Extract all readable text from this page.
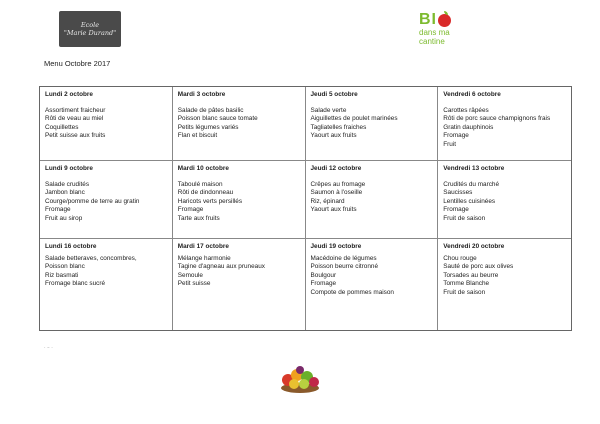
Ecole
"Marie Durand"
BI
dans ma
cantine
Menu Octobre 2017
Lundi 2 octobre
Assortiment fraicheur
Rôti de veau au miel
Coquillettes
Petit suisse aux fruits
Mardi 3 octobre
Salade de pâtes basilic
Poisson blanc sauce tomate
Petits légumes variés
Flan et biscuit
Jeudi 5 octobre
Salade verte
Aiguillettes de poulet marinées
Tagliatelles fraiches
Yaourt aux fruits
Vendredi 6 octobre
Carottes râpées
Rôti de porc sauce champignons frais
Gratin dauphinois
Fromage
Fruit
Lundi 9 octobre
Salade crudités
Jambon blanc
Courge/pomme de terre au gratin
Fromage
Fruit au sirop
Mardi 10 octobre
Taboulé maison
Rôti de dindonneau
Haricots verts persillés
Fromage
Tarte aux fruits
Jeudi 12 octobre
Crêpes au fromage
Saumon à l'oseille
Riz, épinard
Yaourt aux fruits
Vendredi 13 octobre
Crudités du marché
Saucisses
Lentilles cuisinées
Fromage
Fruit de saison
Lundi 16 octobre
Salade betteraves, concombres,
Poisson blanc
Riz basmati
Fromage blanc sucré
Mardi 17 octobre
Mélange harmonie
Tagine d'agneau aux pruneaux
Semoule
Petit suisse
Jeudi 19 octobre
Macédoine de légumes
Poisson beurre citronné
Boulgour
Fromage
Compote de pommes maison
Vendredi 20 octobre
Chou rouge
Sauté de porc aux olives
Torsades au beurre
Tomme Blanche
Fruit de saison
· – ·
